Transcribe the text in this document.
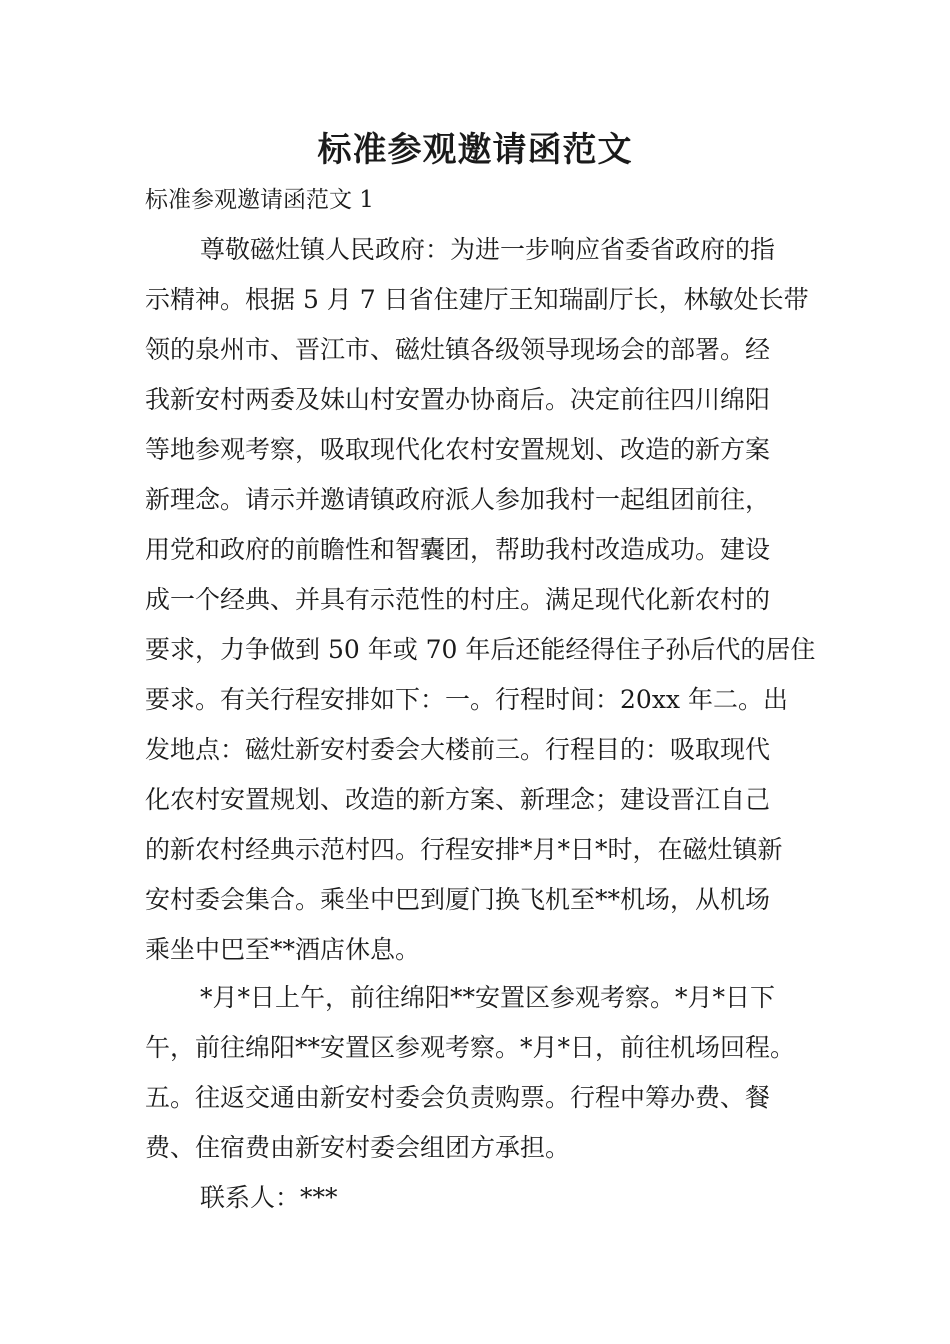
标准参观邀请函范文
标准参观邀请函范文 1
尊敬磁灶镇人民政府：为进一步响应省委省政府的指
示精神。根据 5 月 7 日省住建厅王知瑞副厅长，林敏处长带
领的泉州市、晋江市、磁灶镇各级领导现场会的部署。经
我新安村两委及妹山村安置办协商后。决定前往四川绵阳
等地参观考察，吸取现代化农村安置规划、改造的新方案
新理念。请示并邀请镇政府派人参加我村一起组团前往，
用党和政府的前瞻性和智囊团，帮助我村改造成功。建设
成一个经典、并具有示范性的村庄。满足现代化新农村的
要求，力争做到 50 年或 70 年后还能经得住子孙后代的居住
要求。有关行程安排如下：一。行程时间：20xx 年二。出
发地点：磁灶新安村委会大楼前三。行程目的：吸取现代
化农村安置规划、改造的新方案、新理念；建设晋江自己
的新农村经典示范村四。行程安排*月*日*时，在磁灶镇新
安村委会集合。乘坐中巴到厦门换飞机至**机场，从机场
乘坐中巴至**酒店休息。
*月*日上午，前往绵阳**安置区参观考察。*月*日下
午，前往绵阳**安置区参观考察。*月*日，前往机场回程。
五。往返交通由新安村委会负责购票。行程中筹办费、餐
费、住宿费由新安村委会组团方承担。
联系人：***
